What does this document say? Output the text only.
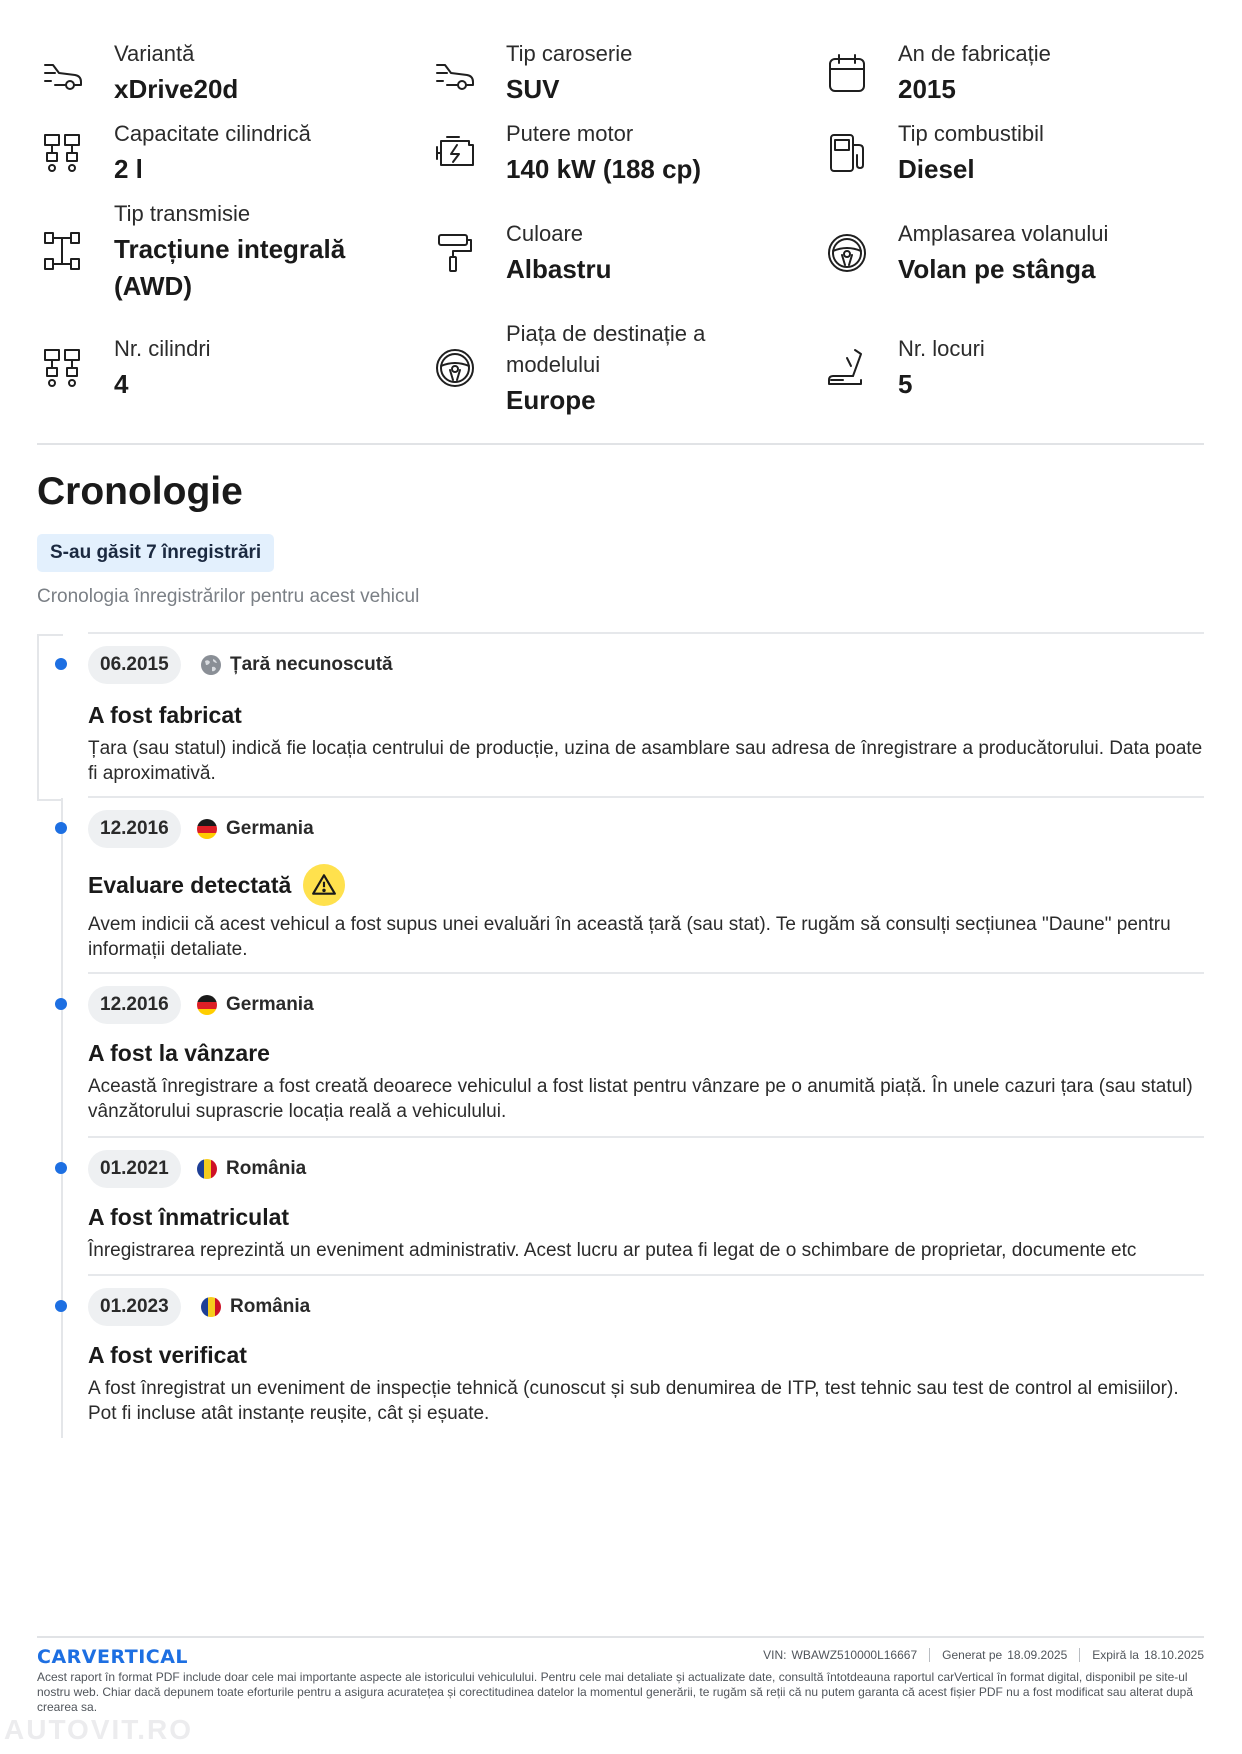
Variantă
xDrive20d
Tip caroserie
SUV
An de fabricație
2015
Capacitate cilindrică
2 l
Putere motor
140 kW (188 cp)
Tip combustibil
Diesel
Tip transmisie
Tracțiune integrală (AWD)
Culoare
Albastru
Amplasarea volanului
Volan pe stânga
Nr. cilindri
4
Piața de destinație a modelului
Europe
Nr. locuri
5
Cronologie
S-au găsit 7 înregistrări
Cronologia înregistrărilor pentru acest vehicul
06.2015	Țară necunoscută
A fost fabricat
Țara (sau statul) indică fie locația centrului de producție, uzina de asamblare sau adresa de înregistrare a producătorului. Data poate fi aproximativă.
12.2016	Germania
Evaluare detectată
Avem indicii că acest vehicul a fost supus unei evaluări în această țară (sau stat). Te rugăm să consulți secțiunea "Daune" pentru informații detaliate.
12.2016	Germania
A fost la vânzare
Această înregistrare a fost creată deoarece vehiculul a fost listat pentru vânzare pe o anumită piață. În unele cazuri țara (sau statul) vânzătorului suprascrie locația reală a vehiculului.
01.2021	România
A fost înmatriculat
Înregistrarea reprezintă un eveniment administrativ. Acest lucru ar putea fi legat de o schimbare de proprietar, documente etc
01.2023	România
A fost verificat
A fost înregistrat un eveniment de inspecție tehnică (cunoscut și sub denumirea de ITP, test tehnic sau test de control al emisiilor). Pot fi incluse atât instanțe reușite, cât și eșuate.
CARVERTICAL	VIN: WBAWZ510000L16667 Generat pe 18.09.2025 Expiră la 18.10.2025
Acest raport în format PDF include doar cele mai importante aspecte ale istoricului vehiculului. Pentru cele mai detaliate și actualizate date, consultă întotdeauna raportul carVertical în format digital, disponibil pe site-ul nostru web. Chiar dacă depunem toate eforturile pentru a asigura acuratețea și corectitudinea datelor la momentul generării, te rugăm să reții că nu putem garanta că acest fișier PDF nu a fost modificat sau alterat după crearea sa.
AUTOVIT.RO
